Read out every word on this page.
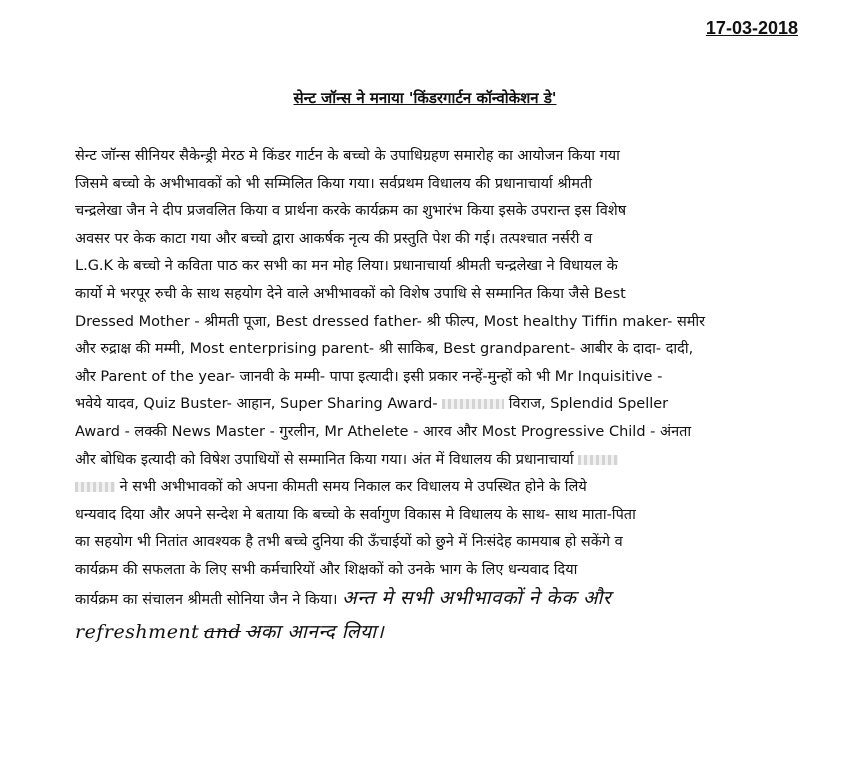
17-03-2018
सेन्ट जॉन्स ने मनाया 'किंडरगार्टन कॉन्वोकेशन डे'
सेन्ट जॉन्स सीनियर सैकेन्ड्री मेरठ मे किंडर गार्टन के बच्चो के उपाधिग्रहण समारोह का आयोजन किया गया
जिसमे बच्चो के अभीभावकों को भी सम्मिलित किया गया। सर्वप्रथम विधालय की प्रधानाचार्या श्रीमती
चन्द्रलेखा जैन ने दीप प्रजवलित किया व प्रार्थना करके कार्यक्रम का शुभारंभ किया इसके उपरान्त इस विशेष
अवसर पर केक काटा गया और बच्चो द्वारा आकर्षक नृत्य की प्रस्तुति पेश की गई। तत्पश्चात नर्सरी व
L.G.K के बच्चो ने कविता पाठ कर सभी का मन मोह लिया। प्रधानाचार्या श्रीमती चन्द्रलेखा ने विधायल के
कार्यो मे भरपूर रुची के साथ सहयोग देने वाले अभीभावकों को विशेष उपाधि से सम्मानित किया जैसे Best
Dressed Mother - श्रीमती पूजा, Best dressed father- श्री फील्प, Most healthy Tiffin maker- समीर
और रुद्राक्ष की मम्मी, Most enterprising parent- श्री साकिब, Best grandparent- आबीर के दादा- दादी,
और Parent of the year- जानवी के मम्मी- पापा इत्यादी। इसी प्रकार नन्हें-मुन्हों को भी Mr Inquisitive -
भवेये यादव, Quiz Buster- आहान, Super Sharing Award-	विराज, Splendid Speller
Award - लक्की News Master - गुरलीन, Mr Athelete - आरव और Most Progressive Child - अंनता
और बोधिक इत्यादी को विषेश उपाधियों से सम्मानित किया गया। अंत में विधालय की प्रधानाचार्या
ने सभी अभीभावकों को अपना कीमती समय निकाल कर विधालय मे उपस्थित होने के लिये
धन्यवाद दिया और अपने सन्देश मे बताया कि बच्चो के सर्वागुण विकास मे विधालय के साथ- साथ माता-पिता
का सहयोग भी नितांत आवश्यक है तभी बच्चे दुनिया की ऊँचाईयों को छुने में निःसंदेह कामयाब हो सकेंगे व
कार्यक्रम की सफलता के लिए सभी कर्मचारियों और शिक्षकों को उनके भाग के लिए धन्यवाद दिया
कार्यक्रम का संचालन श्रीमती सोनिया जैन ने किया। अन्त मे सभी अभीभावकों ने केक और
refreshment and अका आनन्द लिया।
